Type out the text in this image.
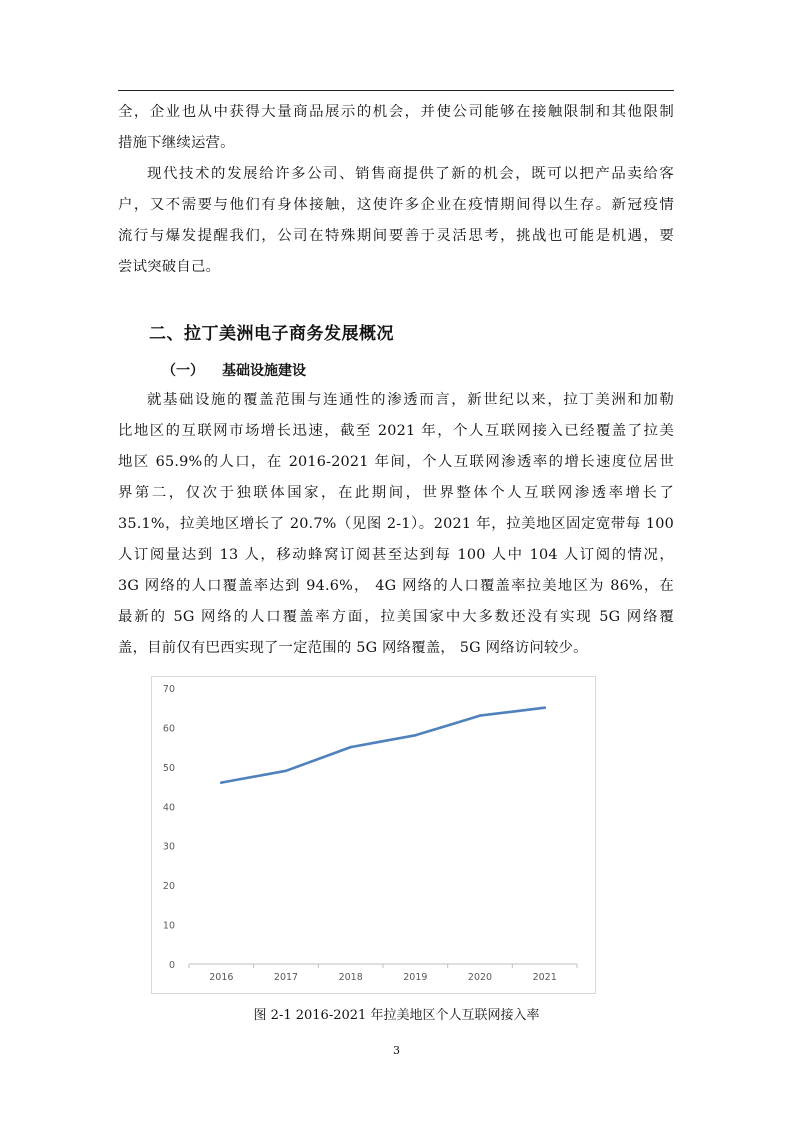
全，企业也从中获得大量商品展示的机会，并使公司能够在接触限制和其他限制
措施下继续运营。
现代技术的发展给许多公司、销售商提供了新的机会，既可以把产品卖给客
户，又不需要与他们有身体接触，这使许多企业在疫情期间得以生存。新冠疫情
流行与爆发提醒我们，公司在特殊期间要善于灵活思考，挑战也可能是机遇，要
尝试突破自己。
二、拉丁美洲电子商务发展概况
（一） 基础设施建设
就基础设施的覆盖范围与连通性的渗透而言，新世纪以来，拉丁美洲和加勒
比地区的互联网市场增长迅速，截至 2021 年，个人互联网接入已经覆盖了拉美
地区 65.9%的人口，在 2016-2021 年间，个人互联网渗透率的增长速度位居世
界第二，仅次于独联体国家，在此期间，世界整体个人互联网渗透率增长了
35.1%，拉美地区增长了 20.7%（见图 2-1）。2021 年，拉美地区固定宽带每 100
人订阅量达到 13 人，移动蜂窝订阅甚至达到每 100 人中 104 人订阅的情况，
3G 网络的人口覆盖率达到 94.6%， 4G 网络的人口覆盖率拉美地区为 86%，在
最新的 5G 网络的人口覆盖率方面，拉美国家中大多数还没有实现 5G 网络覆
盖，目前仅有巴西实现了一定范围的 5G 网络覆盖， 5G 网络访问较少。
0
10
20
30
40
50
60
70
2016	2017	2018	2019	2020	2021
图 2-1 2016-2021 年拉美地区个人互联网接入率
3
